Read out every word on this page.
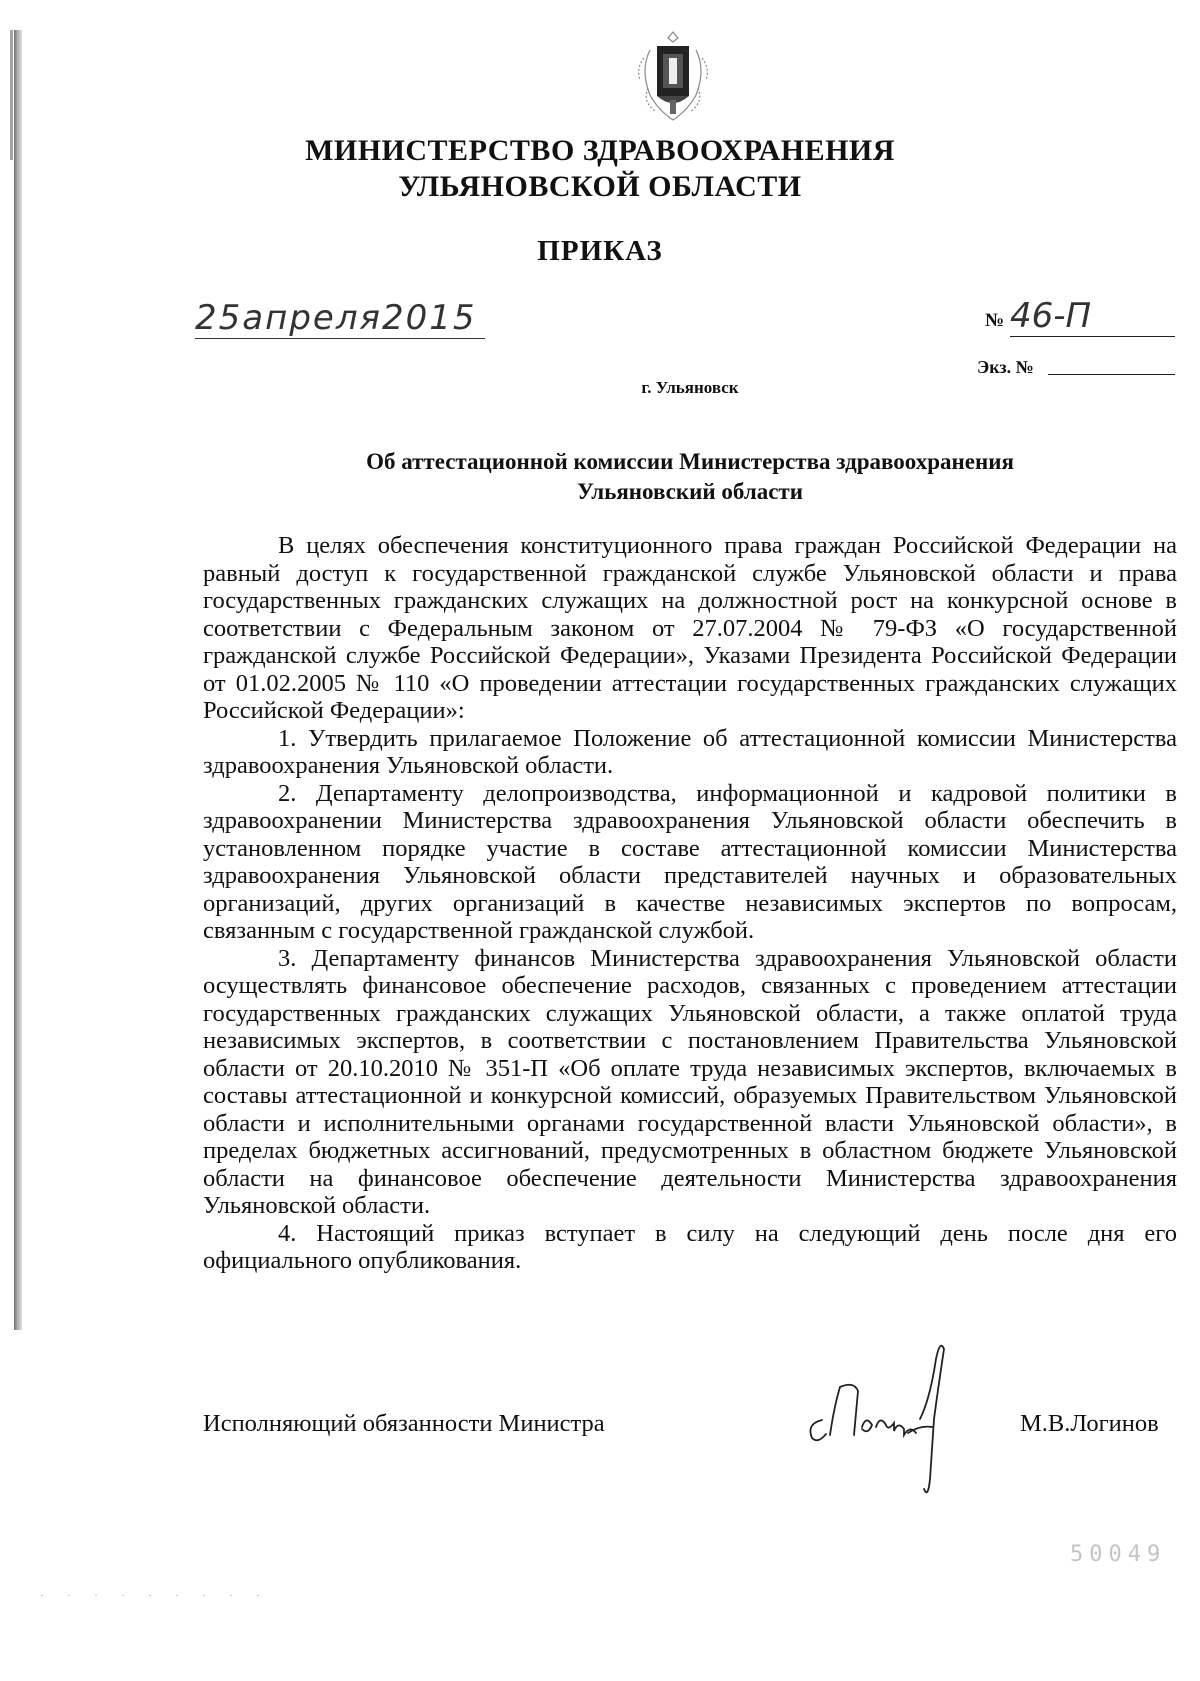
МИНИСТЕРСТВО ЗДРАВООХРАНЕНИЯ
УЛЬЯНОВСКОЙ ОБЛАСТИ
ПРИКАЗ
25апреля2015	№ 46-П
Экз. №
г. Ульяновск
Об аттестационной комиссии Министерства здравоохранения
Ульяновский области

В целях обеспечения конституционного права граждан Российской Федерации на равный доступ к государственной гражданской службе Ульяновской области и права государственных гражданских служащих на должностной рост на конкурсной основе в соответствии с Федеральным законом от 27.07.2004 № 79-ФЗ «О государственной гражданской службе Российской Федерации», Указами Президента Российской Федерации от 01.02.2005 № 110 «О проведении аттестации государственных гражданских служащих Российской Федерации»:

1. Утвердить прилагаемое Положение об аттестационной комиссии Министерства здравоохранения Ульяновской области.

2. Департаменту делопроизводства, информационной и кадровой политики в здравоохранении Министерства здравоохранения Ульяновской области обеспечить в установленном порядке участие в составе аттестационной комиссии Министерства здравоохранения Ульяновской области представителей научных и образовательных организаций, других организаций в качестве независимых экспертов по вопросам, связанным с государственной гражданской службой.

3. Департаменту финансов Министерства здравоохранения Ульяновской области осуществлять финансовое обеспечение расходов, связанных с проведением аттестации государственных гражданских служащих Ульяновской области, а также оплатой труда независимых экспертов, в соответствии с постановлением Правительства Ульяновской области от 20.10.2010 № 351-П «Об оплате труда независимых экспертов, включаемых в составы аттестационной и конкурсной комиссий, образуемых Правительством Ульяновской области и исполнительными органами государственной власти Ульяновской области», в пределах бюджетных ассигнований, предусмотренных в областном бюджете Ульяновской области на финансовое обеспечение деятельности Министерства здравоохранения Ульяновской области.

4. Настоящий приказ вступает в силу на следующий день после дня его официального опубликования.

Исполняющий обязанности Министра	М.В.Логинов
50049
· · · · · · · · ·
